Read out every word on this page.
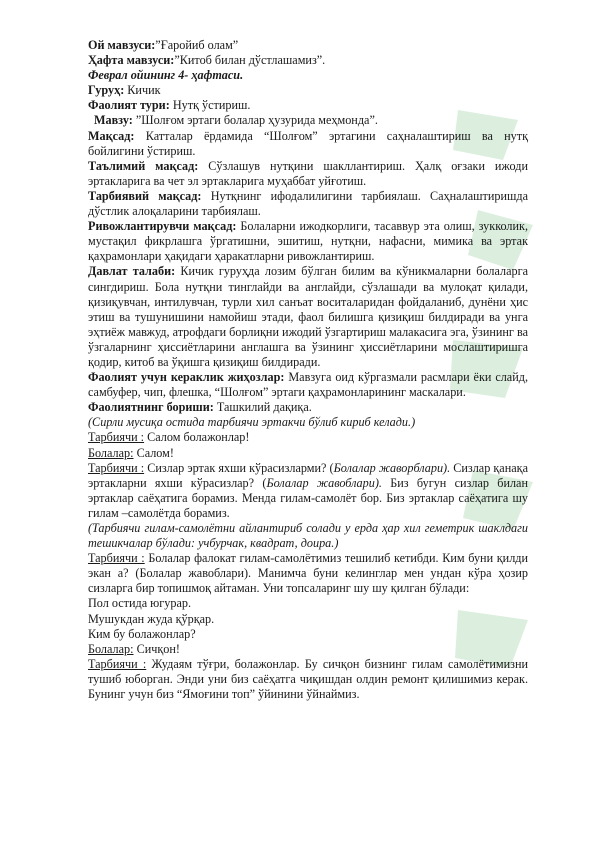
Ой мавзуси:”Ғаройиб олам”

Ҳафта мавзуси:”Китоб билан дўстлашамиз”.

Феврал ойининг 4- ҳафтаси.

Гуруҳ: Кичик

Фаолият тури: Нутқ ўстириш.

Мавзу: ”Шолғом эртаги болалар ҳузурида меҳмонда”.

Мақсад: Катталар ёрдамида “Шолғом” эртагини саҳналаштириш ва нутқ бойлигини ўстириш.

Таълимий мақсад: Сўзлашув нутқини шакллантириш. Ҳалқ оғзаки ижоди эртакларига ва чет эл эртакларига муҳаббат уйғотиш.

Тарбиявий мақсад: Нутқнинг ифодалилигини тарбиялаш. Саҳналаштиришда дўстлик алоқаларини тарбиялаш.

Ривожлантирувчи мақсад: Болаларни ижодкорлиги, тасаввур эта олиш, зукколик, мустақил фикрлашга ўргатишни, эшитиш, нутқни, нафасни, мимика ва эртак қаҳрамонлари ҳақидаги ҳаракатларни ривожлантириш.

Давлат талаби: Кичик гуруҳда лозим бўлган билим ва кўникмаларни болаларга сингдириш. Бола нутқни тинглайди ва англайди, сўзлашади ва мулоқат қилади, қизиқувчан, интилувчан, турли хил санъат воситаларидан фойдаланиб, дунёни ҳис этиш ва тушунишини намойиш этади, фаол билишга қизиқиш билдиради ва унга эҳтиёж мавжуд, атрофдаги борлиқни ижодий ўзгартириш малакасига эга, ўзининг ва ўзгаларнинг ҳиссиётларини англашга ва ўзининг ҳиссиётларини мослаштиришга қодир, китоб ва ўқишга қизиқиш билдиради.

Фаолият учун кераклик жиҳозлар: Мавзуга оид кўргазмали расмлари ёки слайд, самбуфер, чип, флешка, “Шолғом” эртаги қаҳрамонларининг маскалари.

Фаолиятнинг бориши: Ташкилий дақиқа.

(Сирли мусиқа остида тарбиячи эртакчи бўлиб кириб келади.)

Тарбиячи : Салом болажонлар!

Болалар: Салом!

Тарбиячи : Сизлар эртак яхши кўрасизларми? (Болалар жаворблари). Сизлар қанақа эртакларни яхши кўрасизлар? (Болалар жавоблари). Биз бугун сизлар билан эртаклар саёҳатига борамиз. Менда гилам-самолёт бор. Биз эртаклар саёҳатига шу гилам –самолётда борамиз.

(Тарбиячи гилам-самолётни айлантириб солади у ерда ҳар хил геметрик шаклдаги тешикчалар бўлади: учбурчак, квадрат, доира.)

Тарбиячи : Болалар фалокат гилам-самолётимиз тешилиб кетибди. Ким буни қилди экан а? (Болалар жавоблари). Манимча буни келинглар мен ундан кўра ҳозир сизларга бир топишмоқ айтаман. Уни топсаларинг шу шу қилган бўлади:

Пол остида югурар.

Мушукдан жуда қўрқар.

Ким бу болажонлар?

Болалар: Сичқон!

Тарбиячи : Жудаям тўғри, болажонлар. Бу сичқон бизнинг гилам самолётимизни тушиб юборган. Энди уни биз саёҳатга чиқишдан олдин ремонт қилишимиз керак. Бунинг учун биз “Ямоғини топ” ўйинини ўйнаймиз.
